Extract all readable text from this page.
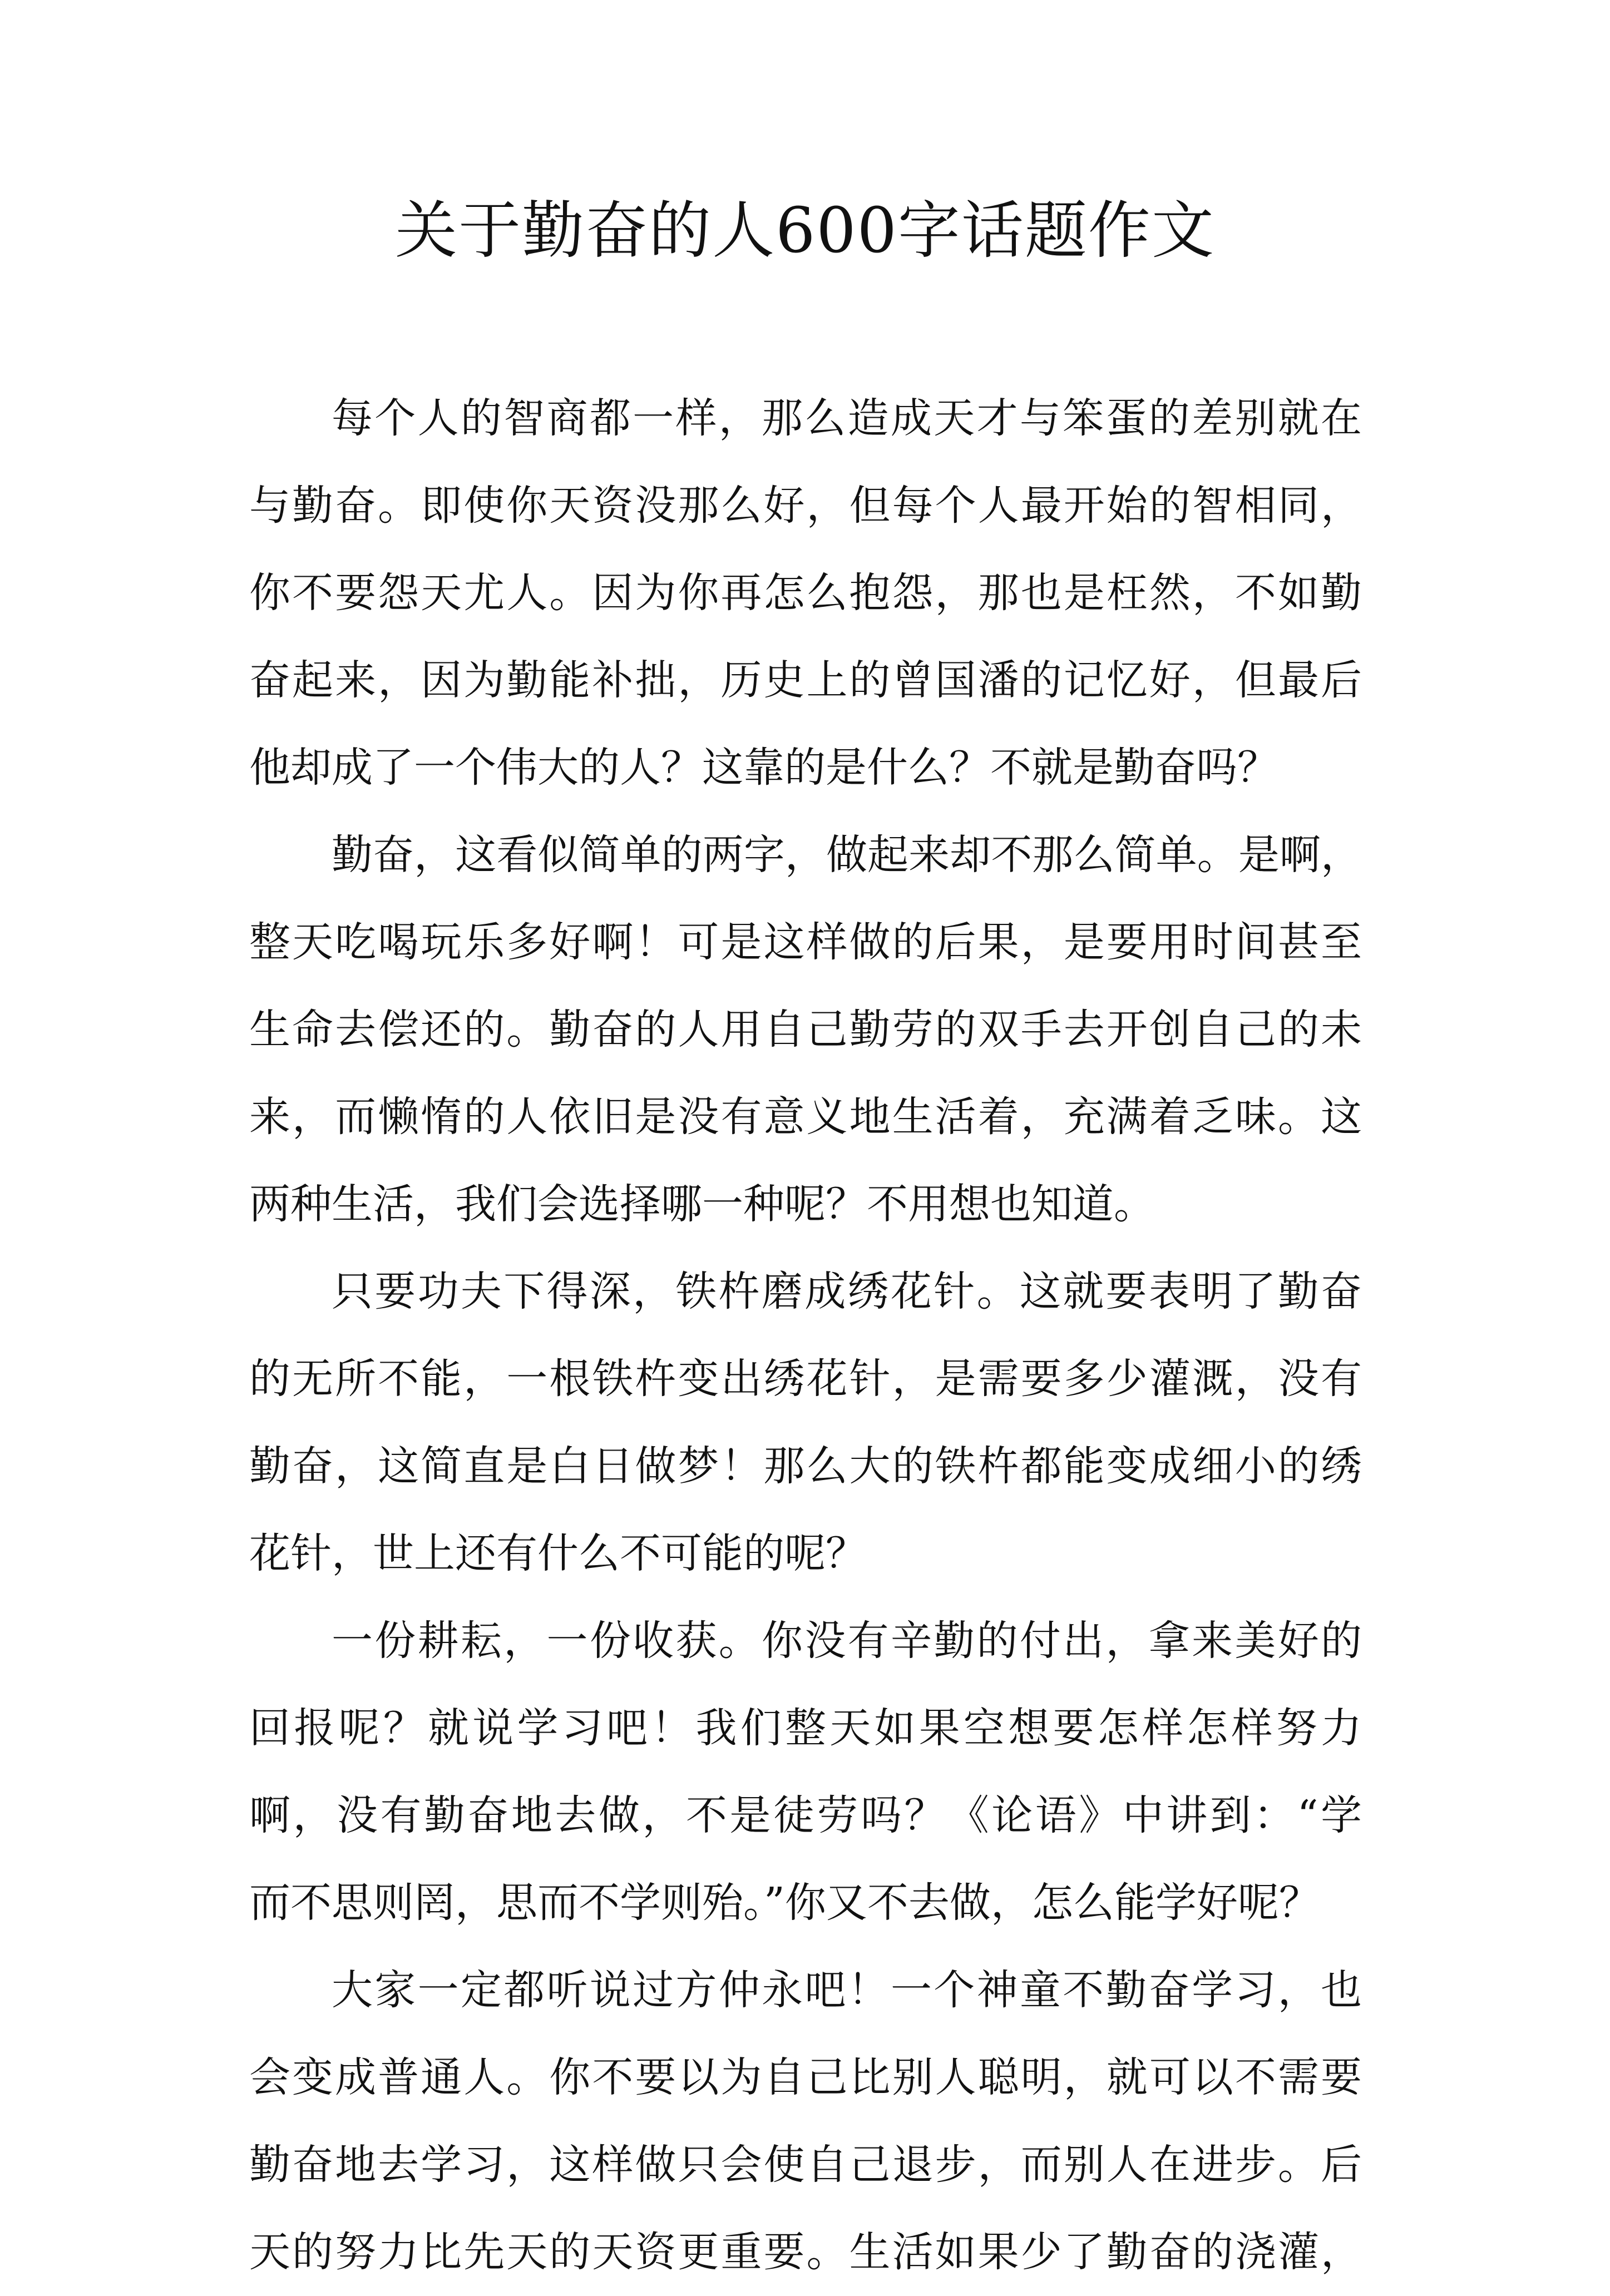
关于勤奋的人600字话题作文
每个人的智商都一样，那么造成天才与笨蛋的差别就在
与勤奋。即使你天资没那么好，但每个人最开始的智相同，
你不要怨天尤人。因为你再怎么抱怨，那也是枉然，不如勤
奋起来，因为勤能补拙，历史上的曾国潘的记忆好，但最后
他却成了一个伟大的人？这靠的是什么？不就是勤奋吗？
勤奋，这看似简单的两字，做起来却不那么简单。是啊，
整天吃喝玩乐多好啊！可是这样做的后果，是要用时间甚至
生命去偿还的。勤奋的人用自己勤劳的双手去开创自己的未
来，而懒惰的人依旧是没有意义地生活着，充满着乏味。这
两种生活，我们会选择哪一种呢？不用想也知道。
只要功夫下得深，铁杵磨成绣花针。这就要表明了勤奋
的无所不能，一根铁杵变出绣花针，是需要多少灌溉，没有
勤奋，这简直是白日做梦！那么大的铁杵都能变成细小的绣
花针，世上还有什么不可能的呢？
一份耕耘，一份收获。你没有辛勤的付出，拿来美好的
回报呢？就说学习吧！我们整天如果空想要怎样怎样努力
啊，没有勤奋地去做，不是徒劳吗？《论语》中讲到：“学
而不思则罔，思而不学则殆。”你又不去做，怎么能学好呢？
大家一定都听说过方仲永吧！一个神童不勤奋学习，也
会变成普通人。你不要以为自己比别人聪明，就可以不需要
勤奋地去学习，这样做只会使自己退步，而别人在进步。后
天的努力比先天的天资更重要。生活如果少了勤奋的浇灌，
